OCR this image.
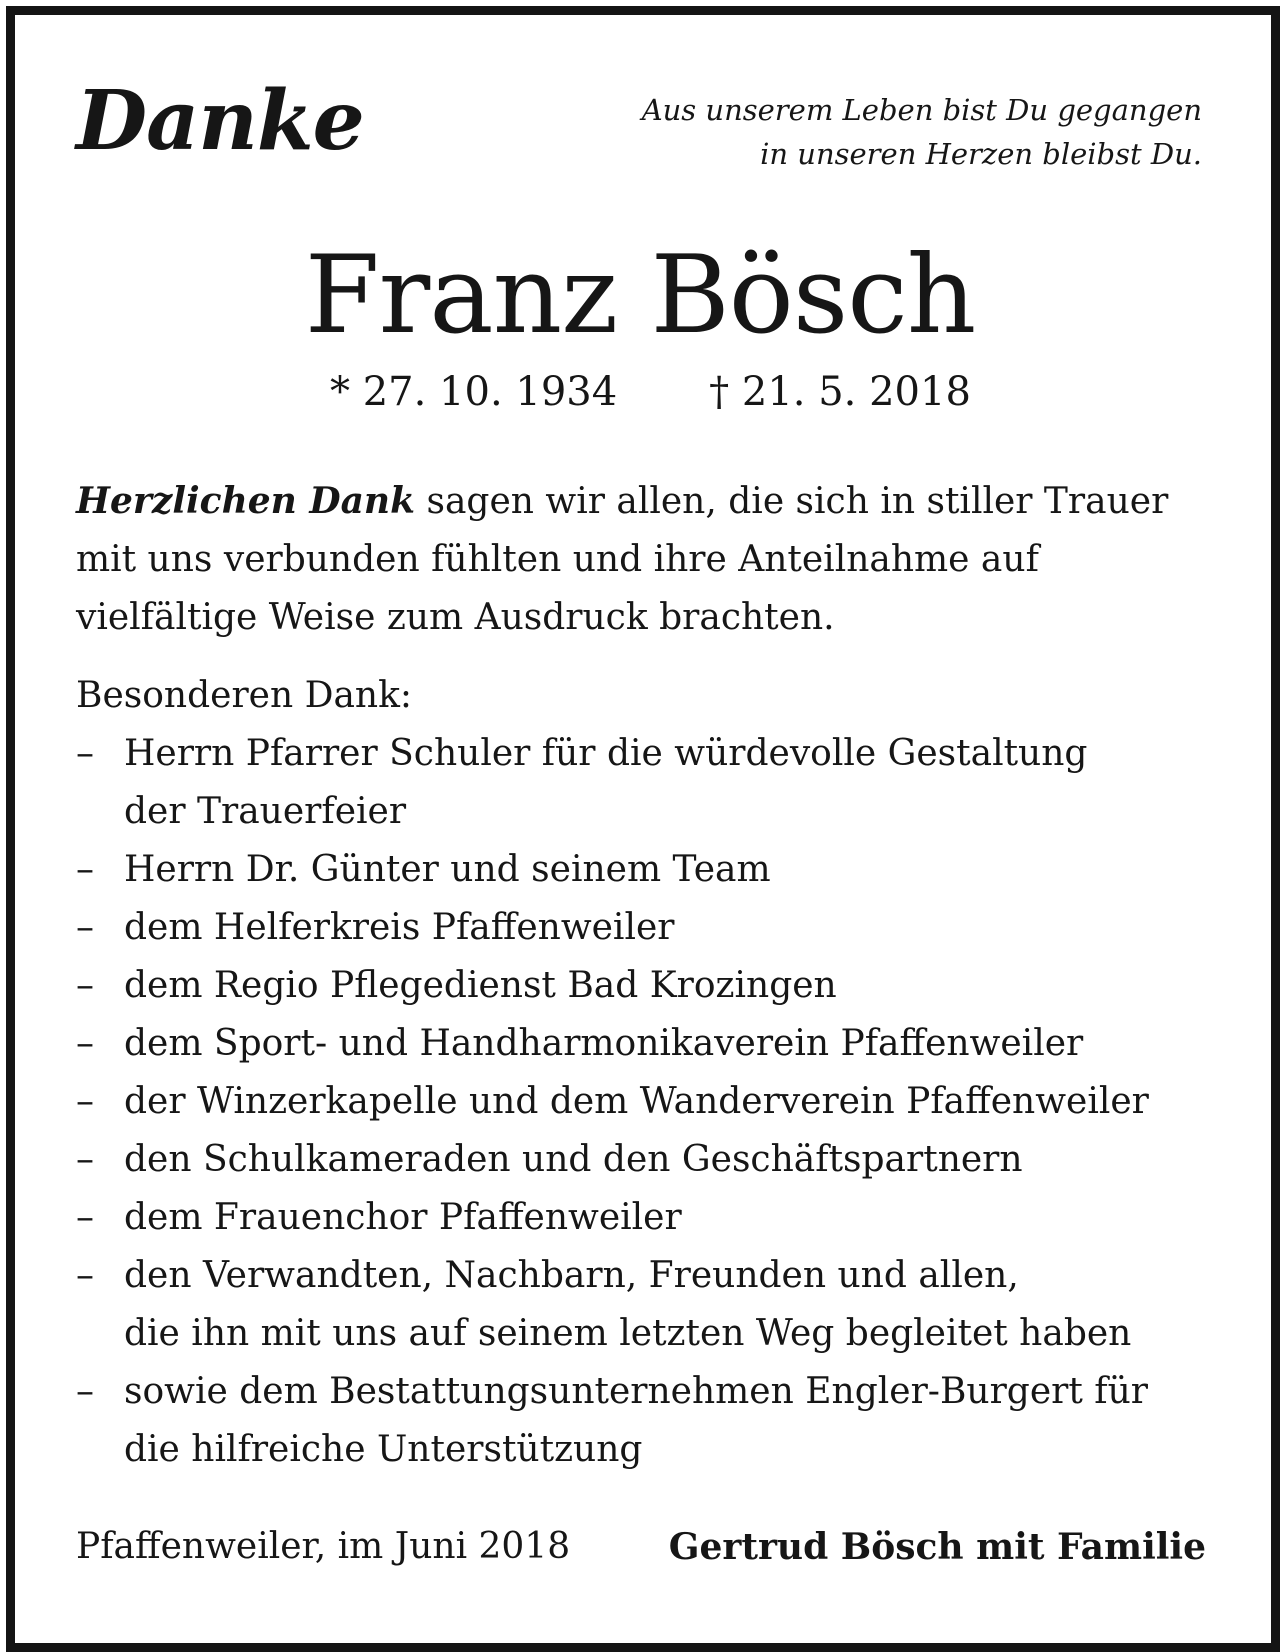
Danke	Aus unserem Leben bist Du gegangen
in unseren Herzen bleibst Du.
Franz Bösch
* 27. 10. 1934 † 21. 5. 2018

Herzlichen Dank sagen wir allen, die sich in stiller Trauer
mit uns verbunden fühlten und ihre Anteilnahme auf
vielfältige Weise zum Ausdruck brachten.

Besonderen Dank:
– Herrn Pfarrer Schuler für die würdevolle Gestaltung
der Trauerfeier
– Herrn Dr. Günter und seinem Team
– dem Helferkreis Pfaffenweiler
– dem Regio Pflegedienst Bad Krozingen
– dem Sport- und Handharmonikaverein Pfaffenweiler
– der Winzerkapelle und dem Wanderverein Pfaffenweiler
– den Schulkameraden und den Geschäftspartnern
– dem Frauenchor Pfaffenweiler
– den Verwandten, Nachbarn, Freunden und allen,
die ihn mit uns auf seinem letzten Weg begleitet haben
– sowie dem Bestattungsunternehmen Engler-Burgert für
die hilfreiche Unterstützung
Pfaffenweiler, im Juni 2018	Gertrud Bösch mit Familie
